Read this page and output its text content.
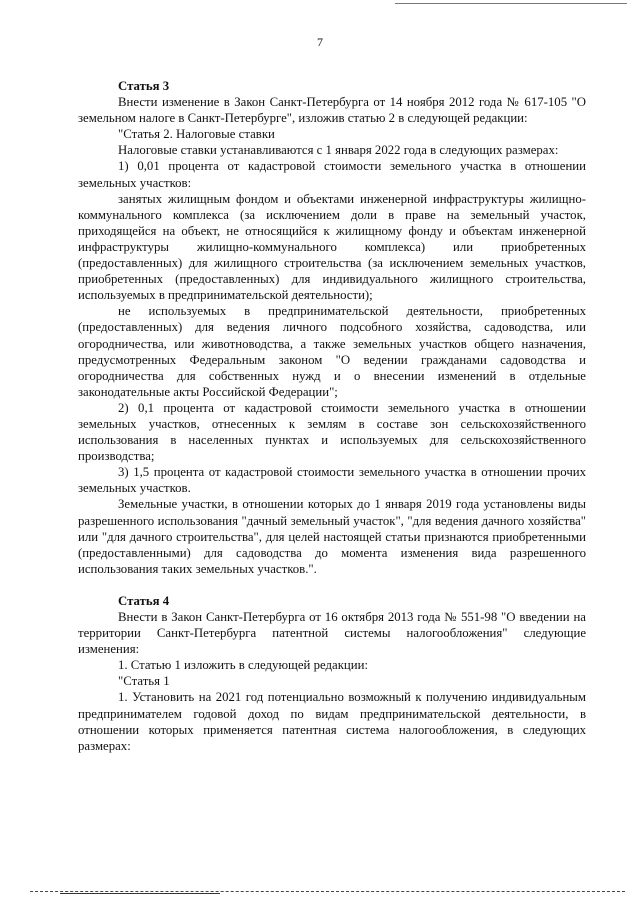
7
Статья 3
Внести изменение в Закон Санкт-Петербурга от 14 ноября 2012 года № 617-105 "О земельном налоге в Санкт-Петербурге", изложив статью 2 в следующей редакции:
"Статья 2. Налоговые ставки
Налоговые ставки устанавливаются с 1 января 2022 года в следующих размерах:
1) 0,01 процента от кадастровой стоимости земельного участка в отношении земельных участков:
занятых жилищным фондом и объектами инженерной инфраструктуры жилищно-коммунального комплекса (за исключением доли в праве на земельный участок, приходящейся на объект, не относящийся к жилищному фонду и объектам инженерной инфраструктуры жилищно-коммунального комплекса) или приобретенных (предоставленных) для жилищного строительства (за исключением земельных участков, приобретенных (предоставленных) для индивидуального жилищного строительства, используемых в предпринимательской деятельности);
не используемых в предпринимательской деятельности, приобретенных (предоставленных) для ведения личного подсобного хозяйства, садоводства, или огородничества, или животноводства, а также земельных участков общего назначения, предусмотренных Федеральным законом "О ведении гражданами садоводства и огородничества для собственных нужд и о внесении изменений в отдельные законодательные акты Российской Федерации";
2) 0,1 процента от кадастровой стоимости земельного участка в отношении земельных участков, отнесенных к землям в составе зон сельскохозяйственного использования в населенных пунктах и используемых для сельскохозяйственного производства;
3) 1,5 процента от кадастровой стоимости земельного участка в отношении прочих земельных участков.
Земельные участки, в отношении которых до 1 января 2019 года установлены виды разрешенного использования "дачный земельный участок", "для ведения дачного хозяйства" или "для дачного строительства", для целей настоящей статьи признаются приобретенными (предоставленными) для садоводства до момента изменения вида разрешенного использования таких земельных участков.".
Статья 4
Внести в Закон Санкт-Петербурга от 16 октября 2013 года № 551-98 "О введении на территории Санкт-Петербурга патентной системы налогообложения" следующие изменения:
1. Статью 1 изложить в следующей редакции:
"Статья 1
1. Установить на 2021 год потенциально возможный к получению индивидуальным предпринимателем годовой доход по видам предпринимательской деятельности, в отношении которых применяется патентная система налогообложения, в следующих размерах:
